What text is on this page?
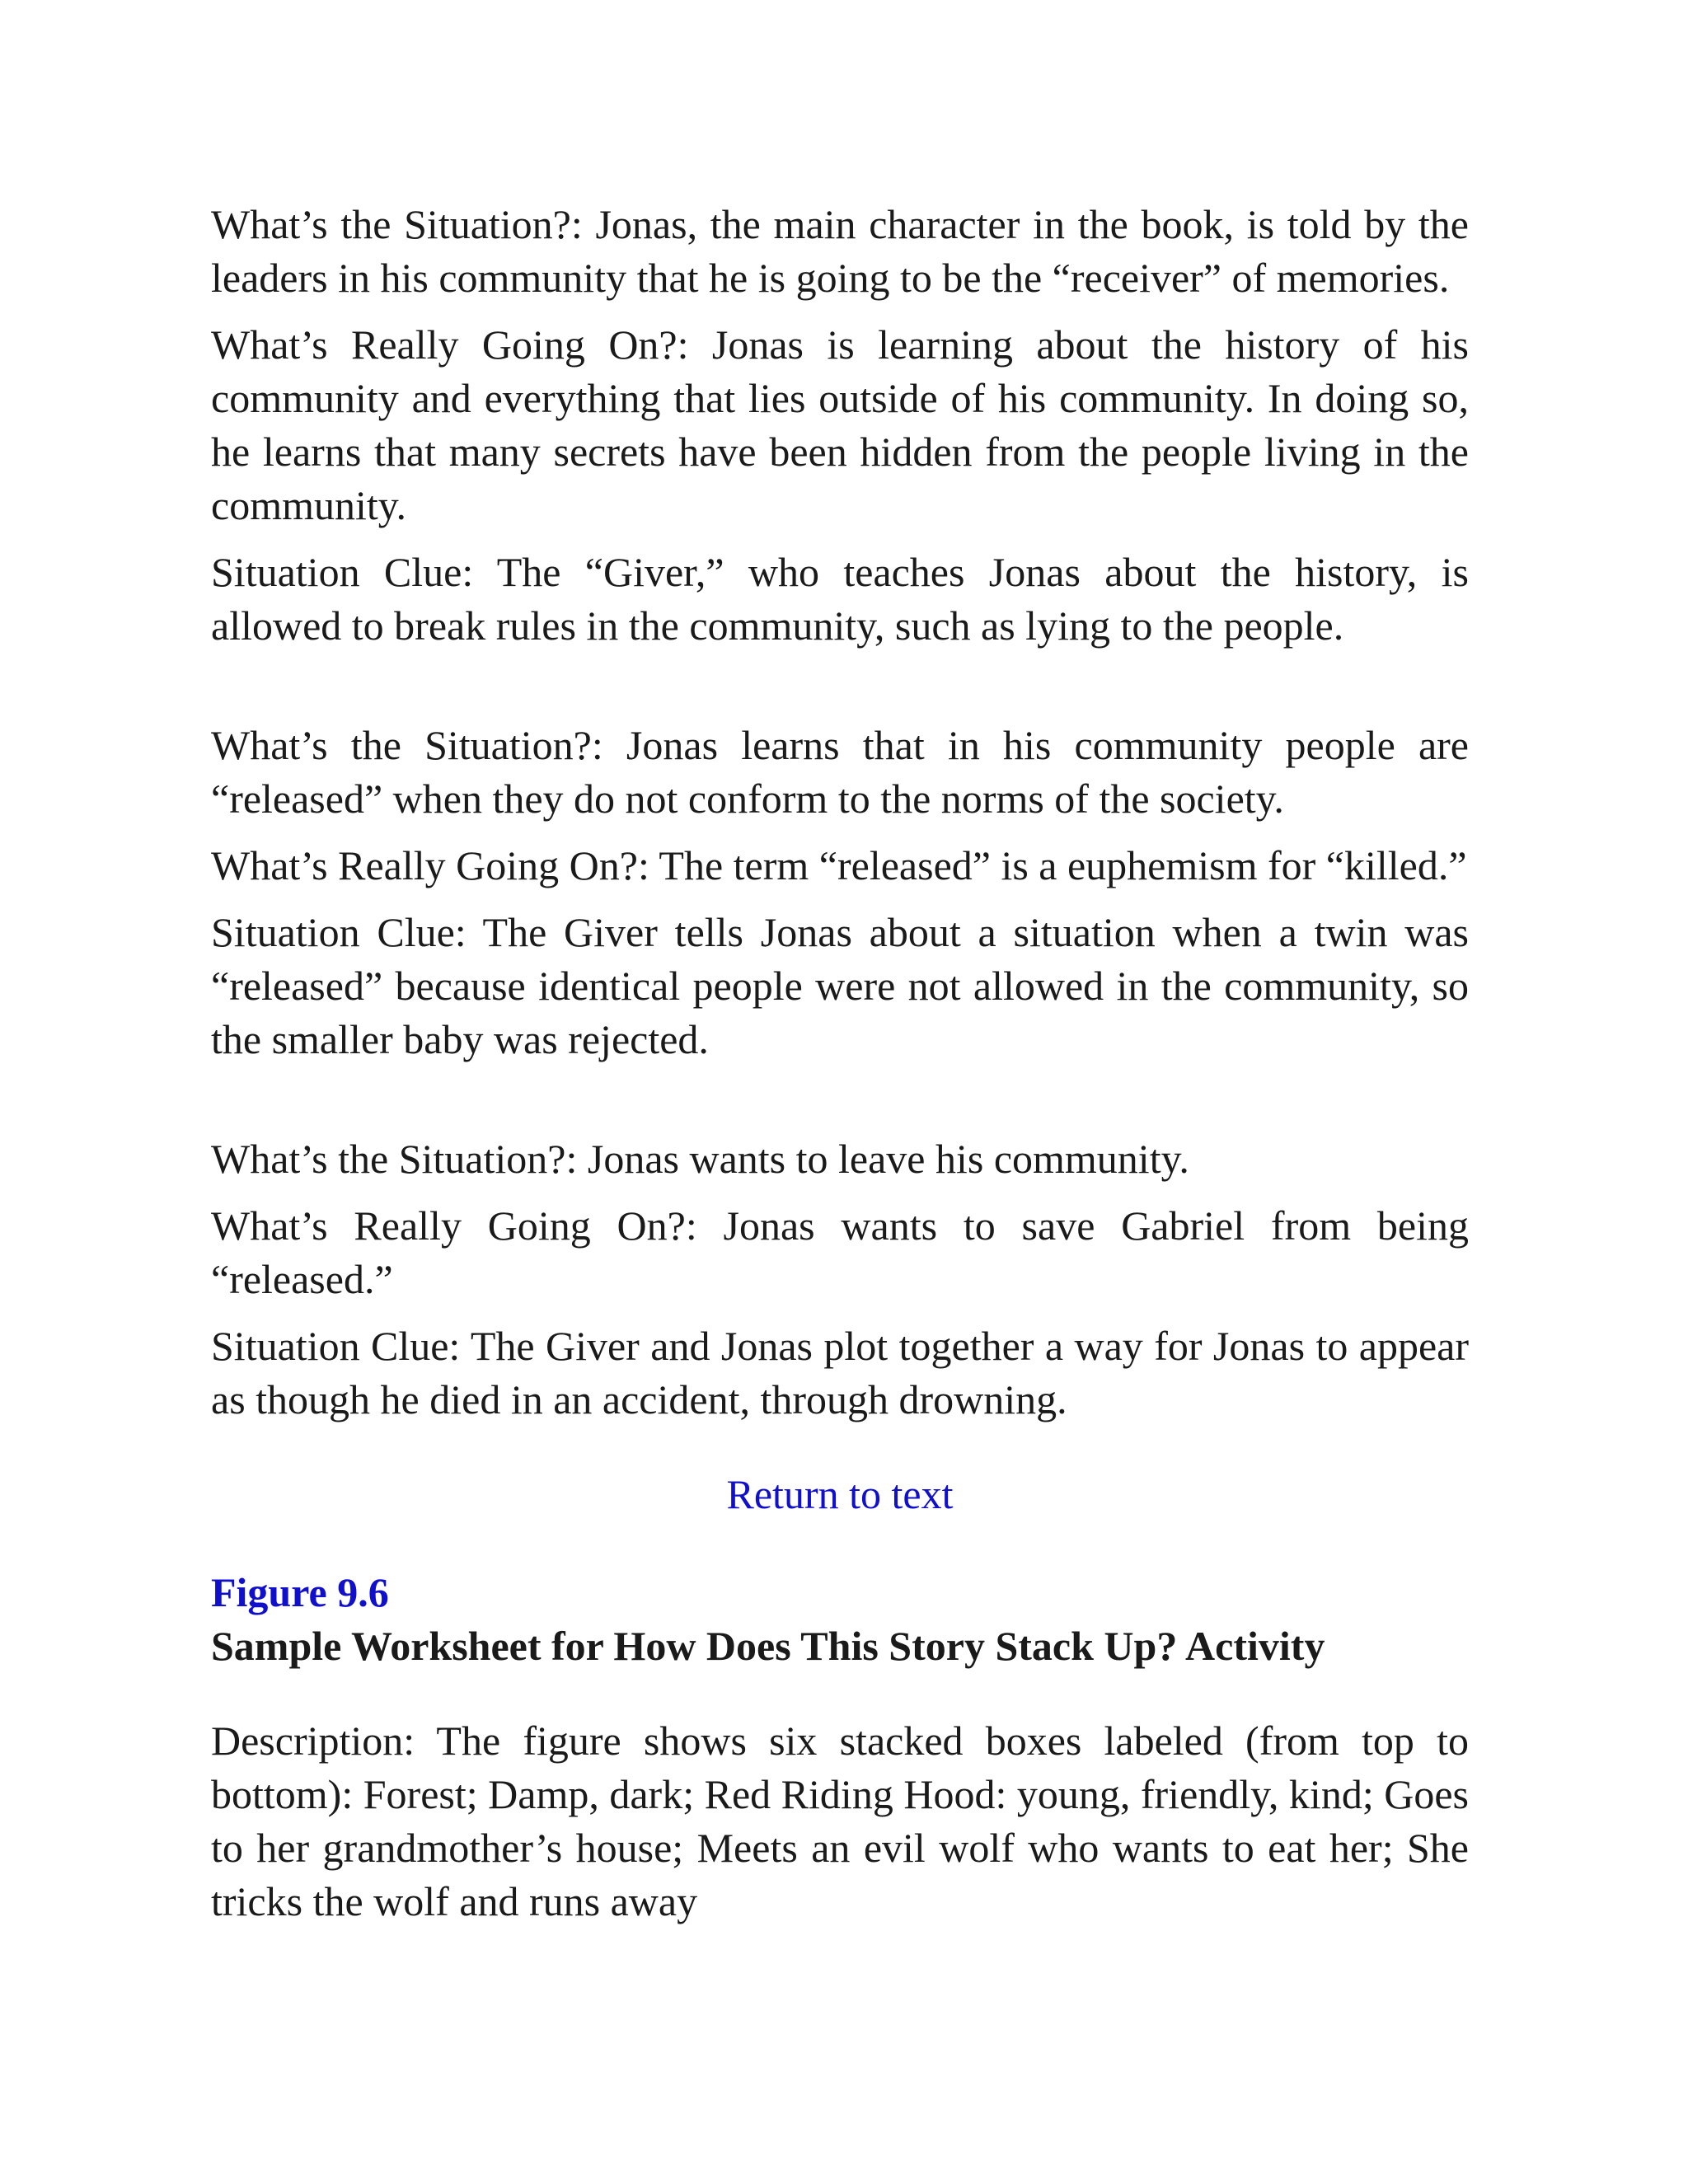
What’s the Situation?: Jonas, the main character in the book, is told by the leaders in his community that he is going to be the “receiver” of memories.

What’s Really Going On?: Jonas is learning about the history of his community and everything that lies outside of his community. In doing so, he learns that many secrets have been hidden from the people living in the community.

Situation Clue: The “Giver,” who teaches Jonas about the history, is allowed to break rules in the community, such as lying to the people.

What’s the Situation?: Jonas learns that in his community people are “released” when they do not conform to the norms of the society.

What’s Really Going On?: The term “released” is a euphemism for “killed.”

Situation Clue: The Giver tells Jonas about a situation when a twin was “released” because identical people were not allowed in the community, so the smaller baby was rejected.

What’s the Situation?: Jonas wants to leave his community.

What’s Really Going On?: Jonas wants to save Gabriel from being “released.”

Situation Clue: The Giver and Jonas plot together a way for Jonas to appear as though he died in an accident, through drowning.

Return to text
Figure 9.6
Sample Worksheet for How Does This Story Stack Up? Activity

Description: The figure shows six stacked boxes labeled (from top to bottom): Forest; Damp, dark; Red Riding Hood: young, friendly, kind; Goes to her grandmother’s house; Meets an evil wolf who wants to eat her; She tricks the wolf and runs away
